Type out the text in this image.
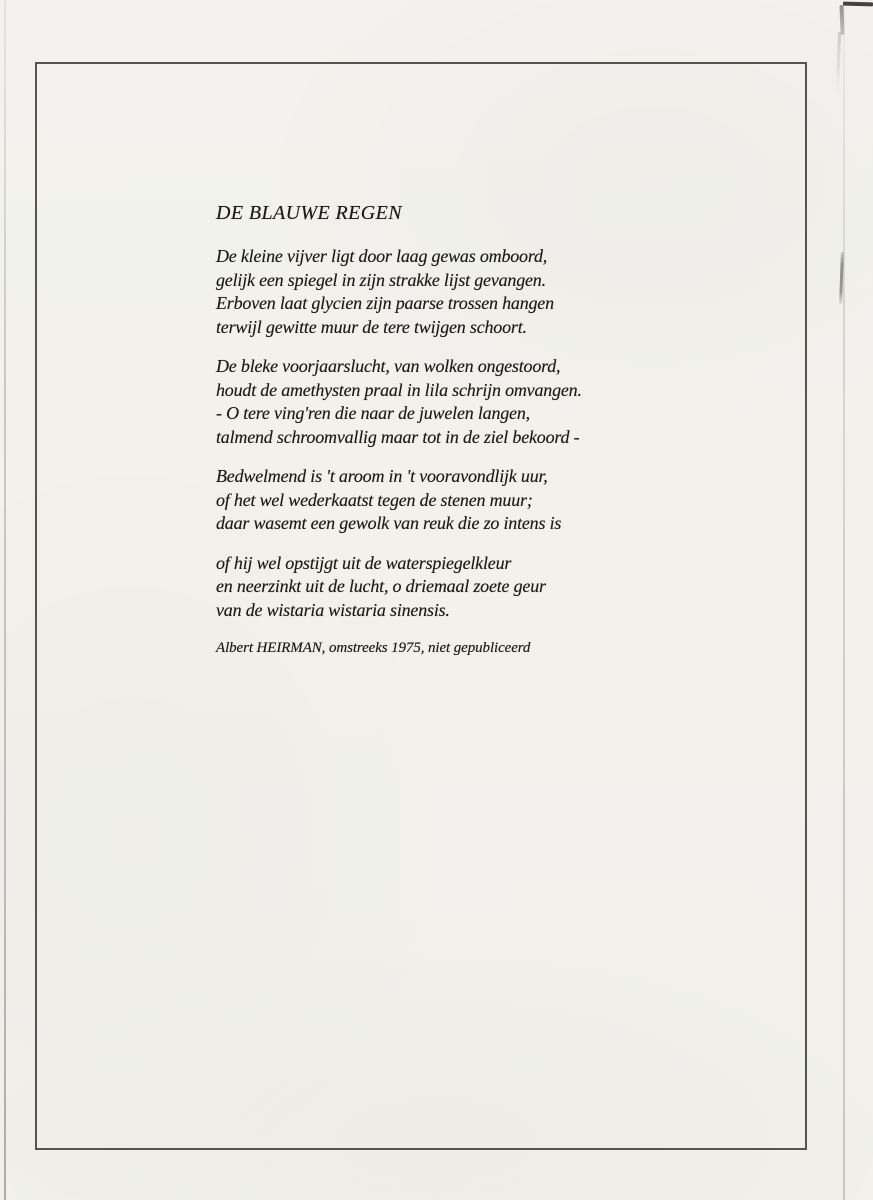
DE BLAUWE REGEN
De kleine vijver ligt door laag gewas omboord,
gelijk een spiegel in zijn strakke lijst gevangen.
Erboven laat glycien zijn paarse trossen hangen
terwijl gewitte muur de tere twijgen schoort.
De bleke voorjaarslucht, van wolken ongestoord,
houdt de amethysten praal in lila schrijn omvangen.
- O tere ving'ren die naar de juwelen langen,
talmend schroomvallig maar tot in de ziel bekoord -
Bedwelmend is 't aroom in 't vooravondlijk uur,
of het wel wederkaatst tegen de stenen muur;
daar wasemt een gewolk van reuk die zo intens is
of hij wel opstijgt uit de waterspiegelkleur
en neerzinkt uit de lucht, o driemaal zoete geur
van de wistaria wistaria sinensis.
Albert HEIRMAN, omstreeks 1975, niet gepubliceerd
